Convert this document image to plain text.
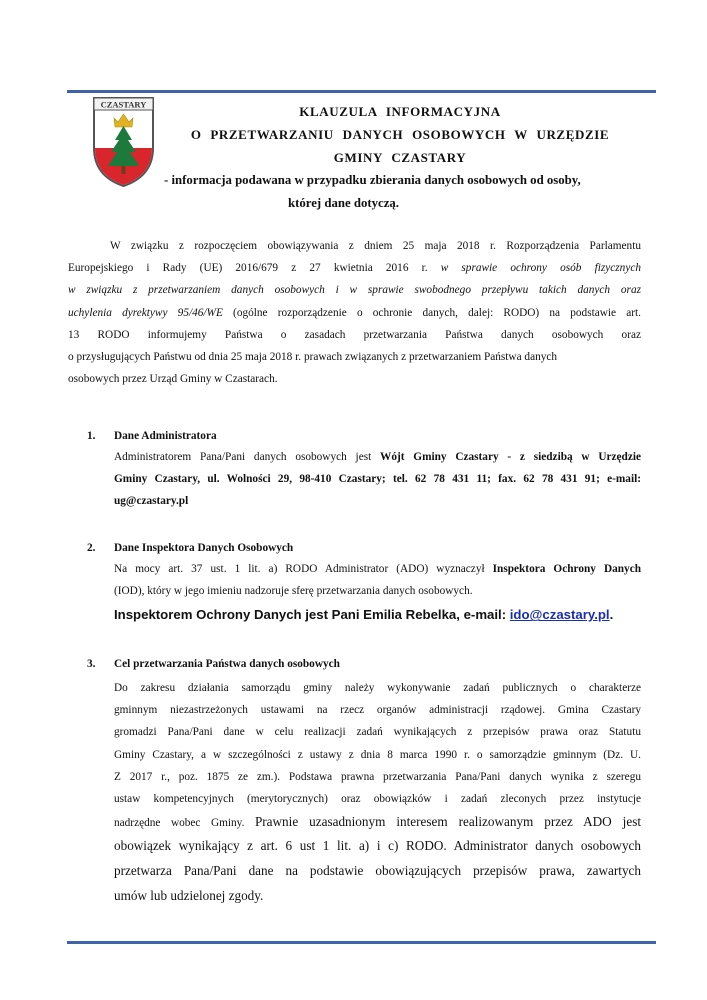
CZASTARY	KLAUZULA INFORMACYJNA
O PRZETWARZANIU DANYCH OSOBOWYCH W URZĘDZIE
GMINY CZASTARY
- informacja podawana w przypadku zbierania danych osobowych od osoby,
której dane dotyczą.
W związku z rozpoczęciem obowiązywania z dniem 25 maja 2018 r. Rozporządzenia Parlamentu
Europejskiego i Rady (UE) 2016/679 z 27 kwietnia 2016 r. w sprawie ochrony osób fizycznych
w związku z przetwarzaniem danych osobowych i w sprawie swobodnego przepływu takich danych oraz
uchylenia dyrektywy 95/46/WE (ogólne rozporządzenie o ochronie danych, dalej: RODO) na podstawie art.
13 RODO informujemy Państwa o zasadach przetwarzania Państwa danych osobowych oraz
o przysługujących Państwu od dnia 25 maja 2018 r. prawach związanych z przetwarzaniem Państwa danych
osobowych przez Urząd Gminy w Czastarach.
1. Dane Administratora
Administratorem Pana/Pani danych osobowych jest Wójt Gminy Czastary - z siedzibą w Urzędzie
Gminy Czastary, ul. Wolności 29, 98-410 Czastary; tel. 62 78 431 11; fax. 62 78 431 91; e-mail:
ug@czastary.pl
2. Dane Inspektora Danych Osobowych
Na mocy art. 37 ust. 1 lit. a) RODO Administrator (ADO) wyznaczył Inspektora Ochrony Danych
(IOD), który w jego imieniu nadzoruje sferę przetwarzania danych osobowych.
Inspektorem Ochrony Danych jest Pani Emilia Rebelka, e-mail: ido@czastary.pl.
3. Cel przetwarzania Państwa danych osobowych
Do zakresu działania samorządu gminy należy wykonywanie zadań publicznych o charakterze
gminnym niezastrzeżonych ustawami na rzecz organów administracji rządowej. Gmina Czastary
gromadzi Pana/Pani dane w celu realizacji zadań wynikających z przepisów prawa oraz Statutu
Gminy Czastary, a w szczególności z ustawy z dnia 8 marca 1990 r. o samorządzie gminnym (Dz. U.
Z 2017 r., poz. 1875 ze zm.). Podstawa prawna przetwarzania Pana/Pani danych wynika z szeregu
ustaw kompetencyjnych (merytorycznych) oraz obowiązków i zadań zleconych przez instytucje
nadrzędne wobec Gminy. Prawnie uzasadnionym interesem realizowanym przez ADO jest
obowiązek wynikający z art. 6 ust 1 lit. a) i c) RODO. Administrator danych osobowych
przetwarza Pana/Pani dane na podstawie obowiązujących przepisów prawa, zawartych
umów lub udzielonej zgody.
